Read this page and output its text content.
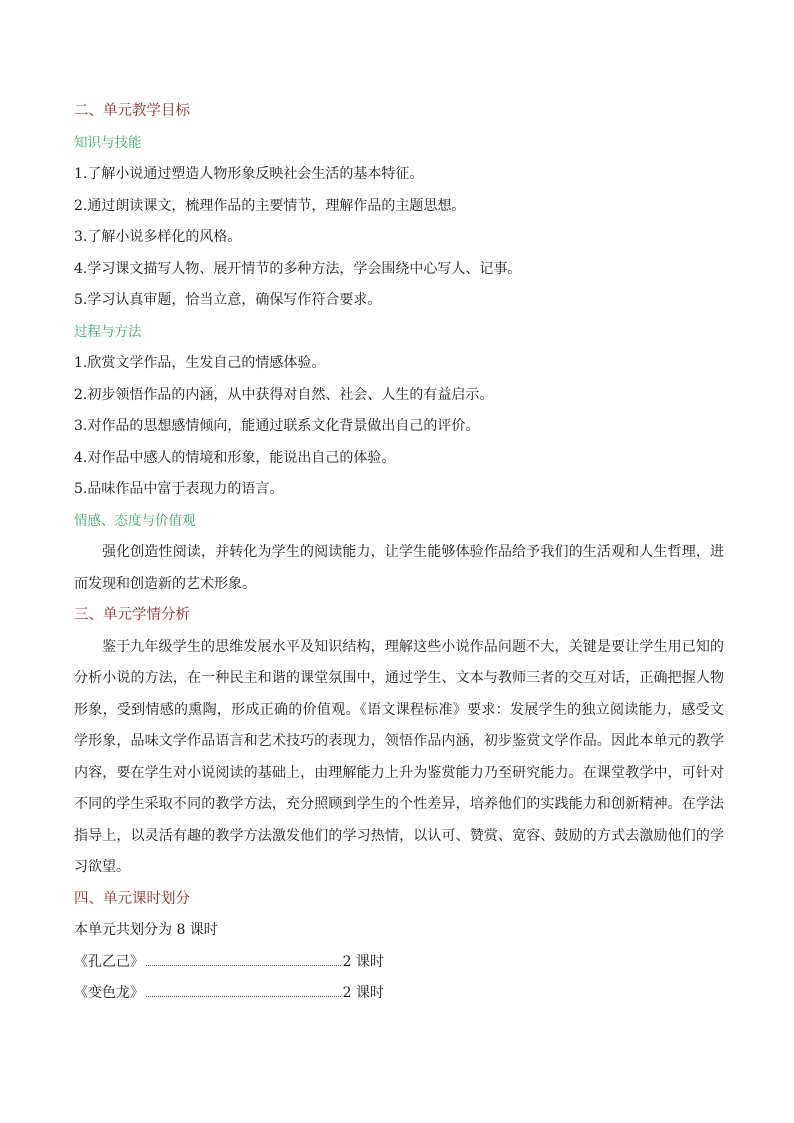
二、单元教学目标

知识与技能

1.了解小说通过塑造人物形象反映社会生活的基本特征。

2.通过朗读课文，梳理作品的主要情节，理解作品的主题思想。

3.了解小说多样化的风格。

4.学习课文描写人物、展开情节的多种方法，学会围绕中心写人、记事。

5.学习认真审题，恰当立意，确保写作符合要求。

过程与方法

1.欣赏文学作品，生发自己的情感体验。

2.初步领悟作品的内涵，从中获得对自然、社会、人生的有益启示。

3.对作品的思想感情倾向，能通过联系文化背景做出自己的评价。

4.对作品中感人的情境和形象，能说出自己的体验。

5.品味作品中富于表现力的语言。

情感、态度与价值观

强化创造性阅读，并转化为学生的阅读能力，让学生能够体验作品给予我们的生活观和人生哲理，进而发现和创造新的艺术形象。

三、单元学情分析

鉴于九年级学生的思维发展水平及知识结构，理解这些小说作品问题不大，关键是要让学生用已知的分析小说的方法，在一种民主和谐的课堂氛围中，通过学生、文本与教师三者的交互对话，正确把握人物形象，受到情感的熏陶，形成正确的价值观。《语文课程标准》要求：发展学生的独立阅读能力，感受文学形象，品味文学作品语言和艺术技巧的表现力，领悟作品内涵，初步鉴赏文学作品。因此本单元的教学内容，要在学生对小说阅读的基础上，由理解能力上升为鉴赏能力乃至研究能力。在课堂教学中，可针对不同的学生采取不同的教学方法，充分照顾到学生的个性差异，培养他们的实践能力和创新精神。在学法指导上，以灵活有趣的教学方法激发他们的学习热情，以认可、赞赏、宽容、鼓励的方式去激励他们的学习欲望。

四、单元课时划分

本单元共划分为 8 课时

《孔乙己》	2 课时
《变色龙》	2 课时
